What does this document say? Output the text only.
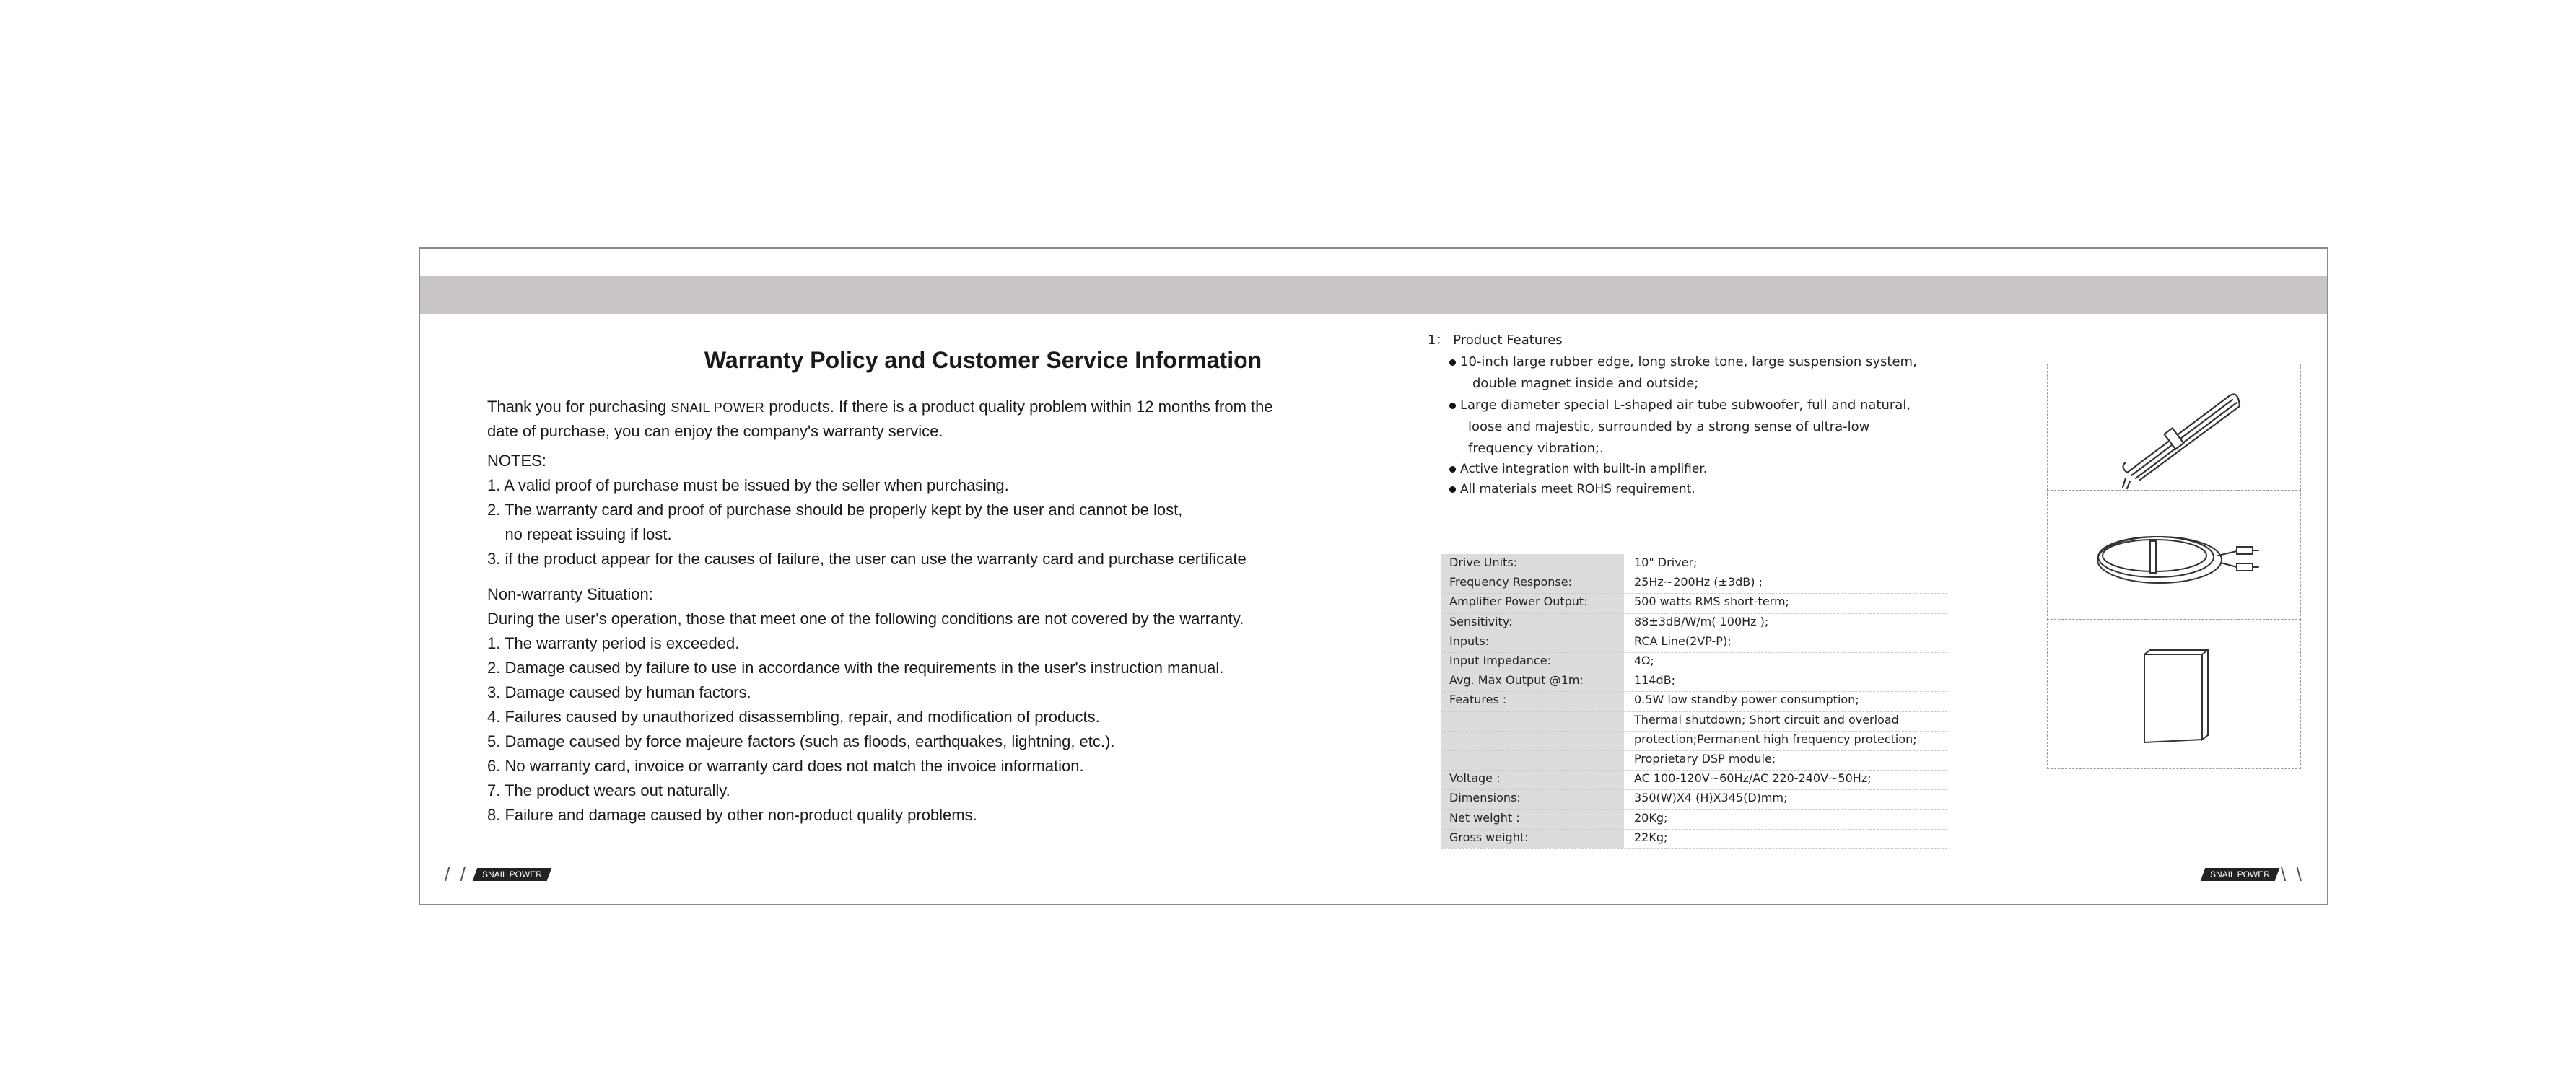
Warranty Policy and Customer Service Information
Thank you for purchasing SNAIL POWER products. If there is a product quality problem within 12 months from the
date of purchase, you can enjoy the company's warranty service.
NOTES:
1. A valid proof of purchase must be issued by the seller when purchasing.
2. The warranty card and proof of purchase should be properly kept by the user and cannot be lost,
no repeat issuing if lost.
3. if the product appear for the causes of failure, the user can use the warranty card and purchase certificate
Non-warranty Situation:
During the user's operation, those that meet one of the following conditions are not covered by the warranty.
1. The warranty period is exceeded.
2. Damage caused by failure to use in accordance with the requirements in the user's instruction manual.
3. Damage caused by human factors.
4. Failures caused by unauthorized disassembling, repair, and modification of products.
5. Damage caused by force majeure factors (such as floods, earthquakes, lightning, etc.).
6. No warranty card, invoice or warranty card does not match the invoice information.
7. The product wears out naturally.
8. Failure and damage caused by other non-product quality problems.
/  /	SNAIL POWER	SNAIL POWER \  \
1： Product Features
10-inch large rubber edge, long stroke tone, large suspension system,
double magnet inside and outside;
Large diameter special L-shaped air tube subwoofer, full and natural,
loose and majestic, surrounded by a strong sense of ultra-low
frequency vibration;.
Active integration with built-in amplifier.
All materials meet ROHS requirement.
Drive Units:	10" Driver;
Frequency Response:	25Hz~200Hz (±3dB) ;
Amplifier Power Output:	500 watts RMS short-term;
Sensitivity:	88±3dB/W/m( 100Hz );
Inputs:	RCA Line(2VP-P);
Input Impedance:	4Ω;
Avg. Max Output @1m:	114dB;
Features :	0.5W low standby power consumption;
Thermal shutdown; Short circuit and overload
protection;Permanent high frequency protection;
Proprietary DSP module;
Voltage :	AC 100-120V~60Hz/AC 220-240V~50Hz;
Dimensions:	350(W)X4 (H)X345(D)mm;
Net weight :	20Kg;
Gross weight:	22Kg;
